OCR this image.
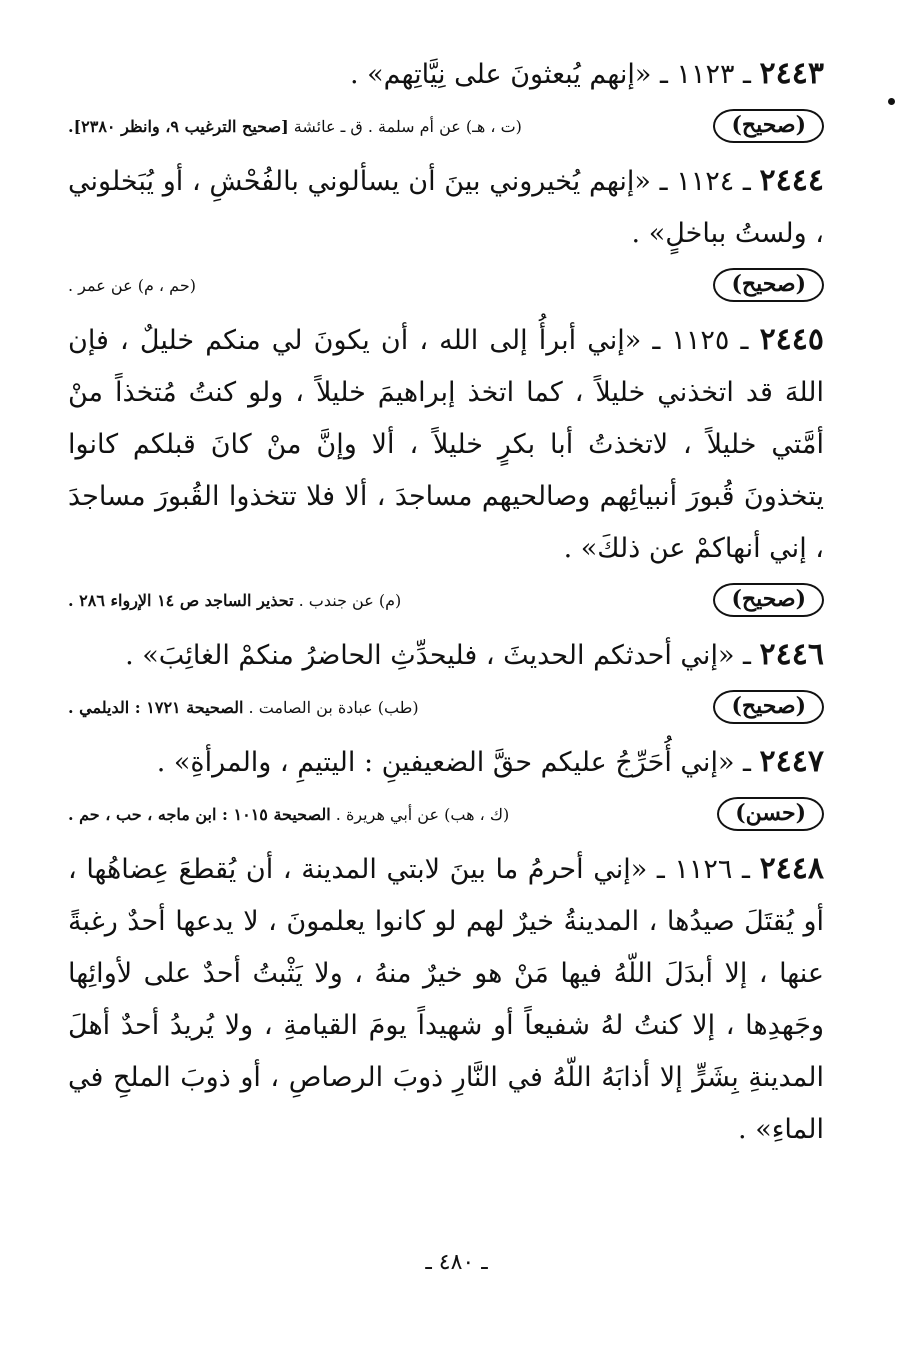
٢٤٤٣ ـ ١١٢٣ ـ «إنهم يُبعثونَ على نِيَّاتِهم» .

(صحيح)
(ت ، هـ) عن أم سلمة . ق ـ عائشة [صحيح الترغيب ٩، وانظر ٢٣٨٠].

٢٤٤٤ ـ ١١٢٤ ـ «إنهم يُخيروني بينَ أن يسألوني بالفُحْشِ ، أو يُبَخلوني ، ولستُ بباخلٍ» .

(صحيح)
(حم ، م) عن عمر .

٢٤٤٥ ـ ١١٢٥ ـ «إني أبرأُ إلى الله ، أن يكونَ لي منكم خليلٌ ، فإن اللهَ قد اتخذني خليلاً ، كما اتخذ إبراهيمَ خليلاً ، ولو كنتُ مُتخذاً منْ أمَّتي خليلاً ، لاتخذتُ أبا بكرٍ خليلاً ، ألا وإنَّ منْ كانَ قبلكم كانوا يتخذونَ قُبورَ أنبيائِهم وصالحيهم مساجدَ ، ألا فلا تتخذوا القُبورَ مساجدَ ، إني أنهاكمْ عن ذلكَ» .

(صحيح)
(م) عن جندب . تحذير الساجد ص ١٤ الإرواء ٢٨٦ .

٢٤٤٦ ـ «إني أحدثكم الحديثَ ، فليحدِّثِ الحاضرُ منكمْ الغائِبَ» .

(صحيح)
(طب) عبادة بن الصامت . الصحيحة ١٧٢١ : الديلمي .

٢٤٤٧ ـ «إني أُحَرِّجُ عليكم حقَّ الضعيفينِ : اليتيمِ ، والمرأةِ» .

(حسن)
(ك ، هب) عن أبي هريرة . الصحيحة ١٠١٥ : ابن ماجه ، حب ، حم .

٢٤٤٨ ـ ١١٢٦ ـ «إني أحرمُ ما بينَ لابتي المدينة ، أن يُقطعَ عِضاهُها ، أو يُقتَلَ صيدُها ، المدينةُ خيرٌ لهم لو كانوا يعلمونَ ، لا يدعها أحدٌ رغبةً عنها ، إلا أبدَلَ اللّهُ فيها مَنْ هو خيرٌ منهُ ، ولا يَثْبتُ أحدٌ على لأوائِها وجَهدِها ، إلا كنتُ لهُ شفيعاً أو شهيداً يومَ القيامةِ ، ولا يُريدُ أحدٌ أهلَ المدينةِ بِشَرٍّ إلا أذابَهُ اللّهُ في النَّارِ ذوبَ الرصاصِ ، أو ذوبَ الملحِ في الماءِ» .

ـ ٤٨٠ ـ
